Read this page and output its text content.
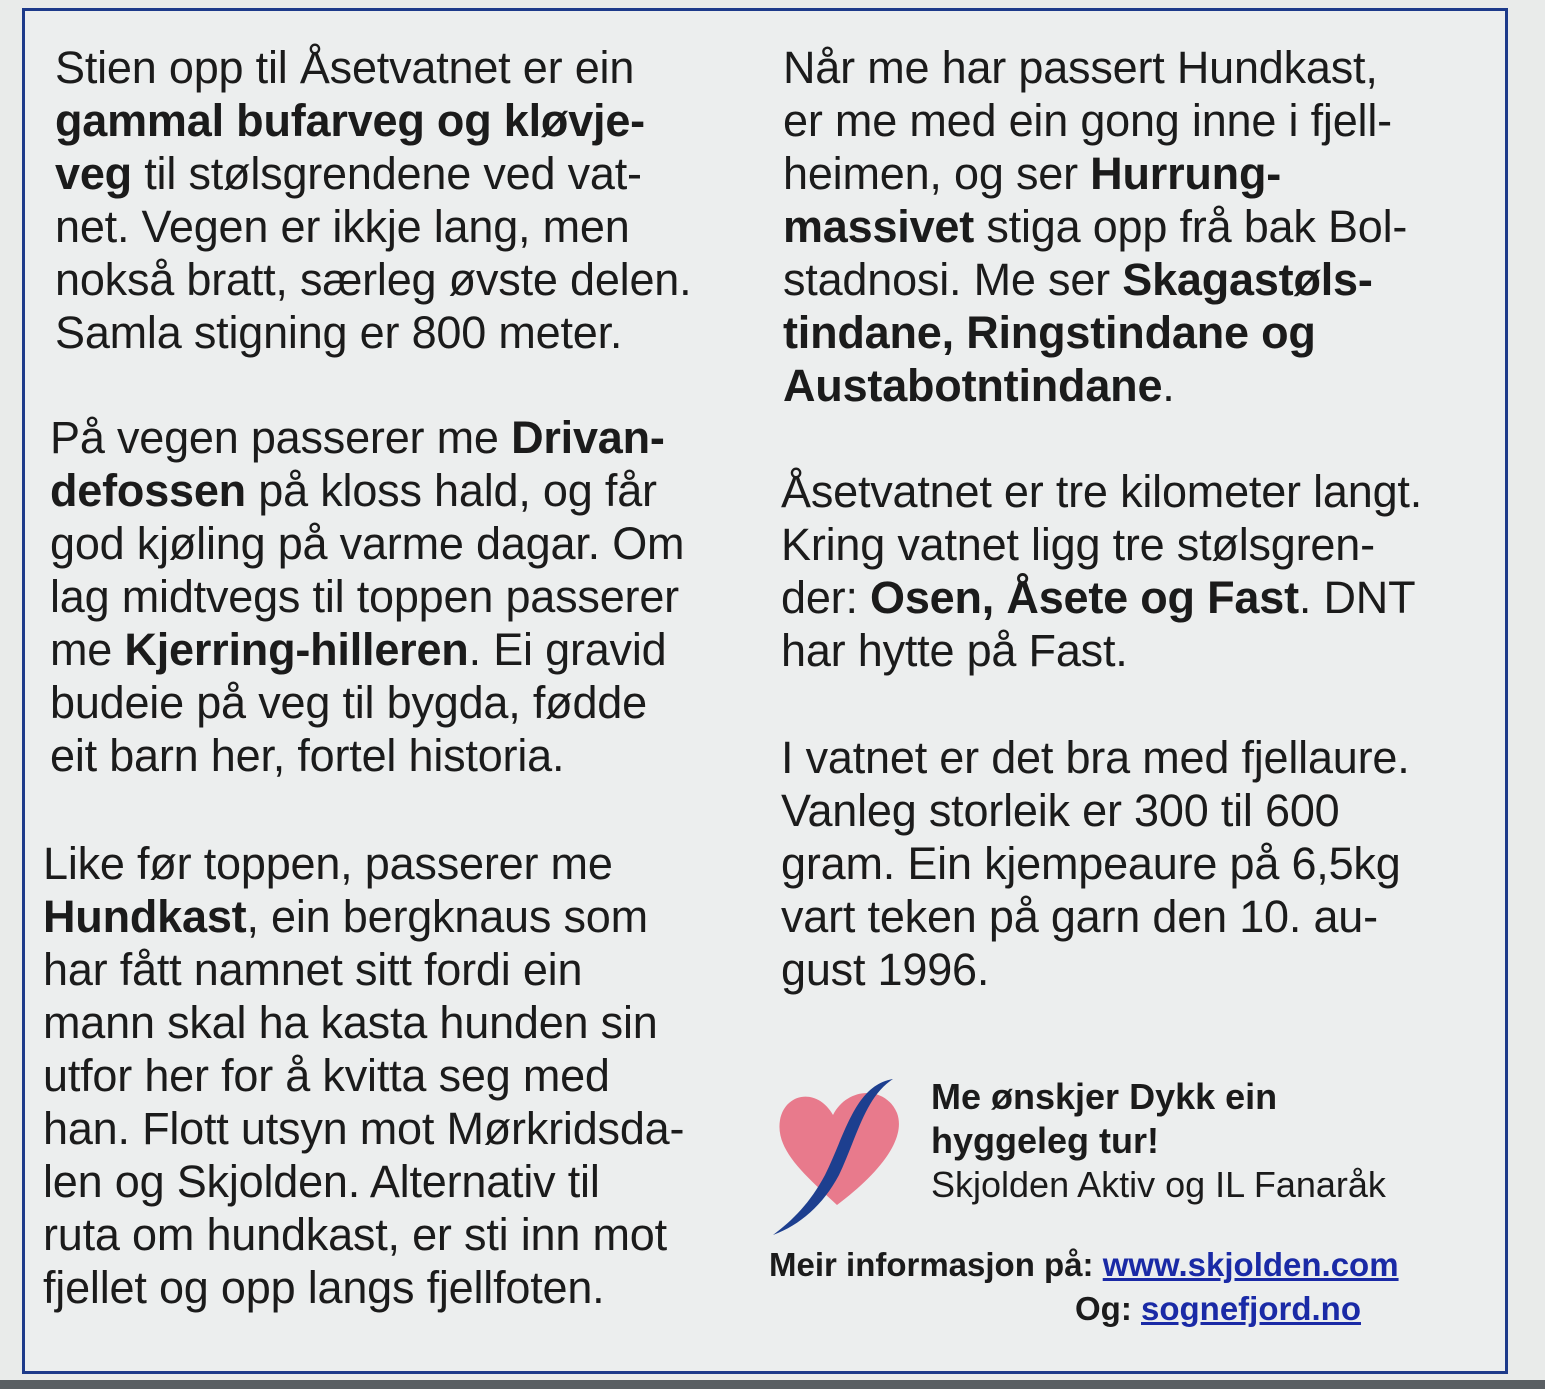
Stien opp til Åsetvatnet er ein
gammal bufarveg og kløvje-
veg til stølsgrendene ved vat-
net. Vegen er ikkje lang, men
nokså bratt, særleg øvste delen.
Samla stigning er 800 meter.

På vegen passerer me Drivan-
defossen på kloss hald, og får
god kjøling på varme dagar. Om
lag midtvegs til toppen passerer
me Kjerring-hilleren. Ei gravid
budeie på veg til bygda, fødde
eit barn her, fortel historia.

Like før toppen, passerer me
Hundkast, ein bergknaus som
har fått namnet sitt fordi ein
mann skal ha kasta hunden sin
utfor her for å kvitta seg med
han. Flott utsyn mot Mørkridsda-
len og Skjolden. Alternativ til
ruta om hundkast, er sti inn mot
fjellet og opp langs fjellfoten.

Når me har passert Hundkast,
er me med ein gong inne i fjell-
heimen, og ser Hurrung-
massivet stiga opp frå bak Bol-
stadnosi. Me ser Skagastøls-
tindane, Ringstindane og
Austabotntindane.

Åsetvatnet er tre kilometer langt.
Kring vatnet ligg tre stølsgren-
der: Osen, Åsete og Fast. DNT
har hytte på Fast.

I vatnet er det bra med fjellaure.
Vanleg storleik er 300 til 600
gram. Ein kjempeaure på 6,5kg
vart teken på garn den 10. au-
gust 1996.

Me ønskjer Dykk ein
hyggeleg tur!
Skjolden Aktiv og IL Fanaråk
Meir informasjon på: www.skjolden.com
Og: sognefjord.no
